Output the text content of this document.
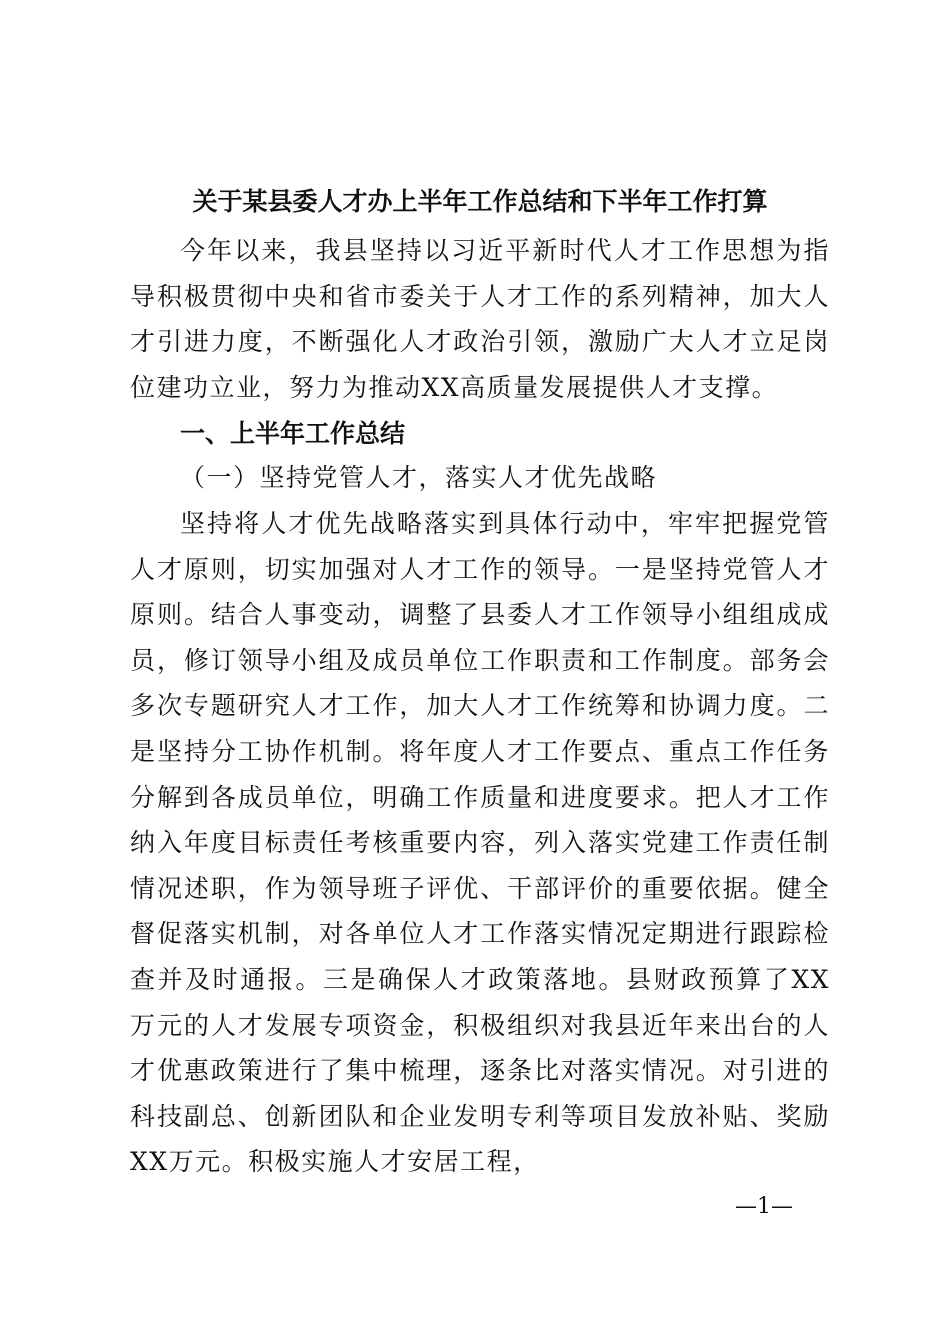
关于某县委人才办上半年工作总结和下半年工作打算
今年以来，我县坚持以习近平新时代人才工作思想为指导积极贯彻中央和省市委关于人才工作的系列精神，加大人才引进力度，不断强化人才政治引领，激励广大人才立足岗位建功立业，努力为推动XX高质量发展提供人才支撑。
一、上半年工作总结
（一）坚持党管人才，落实人才优先战略
坚持将人才优先战略落实到具体行动中，牢牢把握党管人才原则，切实加强对人才工作的领导。一是坚持党管人才原则。结合人事变动，调整了县委人才工作领导小组组成成员，修订领导小组及成员单位工作职责和工作制度。部务会多次专题研究人才工作，加大人才工作统筹和协调力度。二是坚持分工协作机制。将年度人才工作要点、重点工作任务分解到各成员单位，明确工作质量和进度要求。把人才工作纳入年度目标责任考核重要内容，列入落实党建工作责任制情况述职，作为领导班子评优、干部评价的重要依据。健全督促落实机制，对各单位人才工作落实情况定期进行跟踪检查并及时通报。三是确保人才政策落地。县财政预算了XX万元的人才发展专项资金，积极组织对我县近年来出台的人才优惠政策进行了集中梳理，逐条比对落实情况。对引进的科技副总、创新团队和企业发明专利等项目发放补贴、奖励XX万元。积极实施人才安居工程，
—1—
